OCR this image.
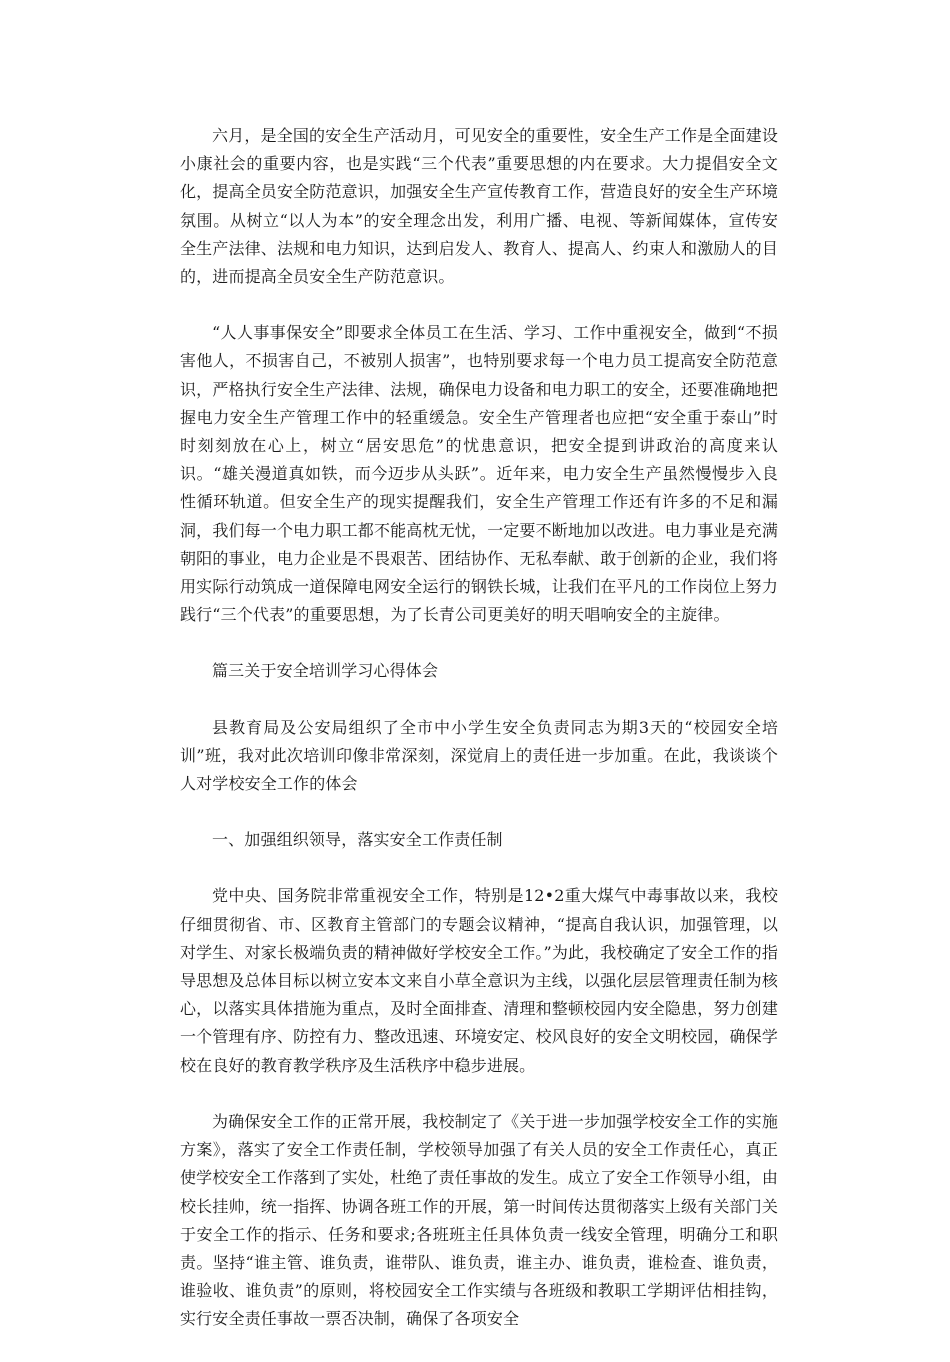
六月，是全国的安全生产活动月，可见安全的重要性，安全生产工作是全面建设小康社会的重要内容，也是实践“三个代表”重要思想的内在要求。大力提倡安全文化，提高全员安全防范意识，加强安全生产宣传教育工作，营造良好的安全生产环境氛围。从树立“以人为本”的安全理念出发，利用广播、电视、等新闻媒体，宣传安全生产法律、法规和电力知识，达到启发人、教育人、提高人、约束人和激励人的目的，进而提高全员安全生产防范意识。

“人人事事保安全”即要求全体员工在生活、学习、工作中重视安全，做到“不损害他人，不损害自己，不被别人损害”，也特别要求每一个电力员工提高安全防范意识，严格执行安全生产法律、法规，确保电力设备和电力职工的安全，还要准确地把握电力安全生产管理工作中的轻重缓急。安全生产管理者也应把“安全重于泰山”时时刻刻放在心上，树立“居安思危”的忧患意识，把安全提到讲政治的高度来认识。“雄关漫道真如铁，而今迈步从头跃”。近年来，电力安全生产虽然慢慢步入良性循环轨道。但安全生产的现实提醒我们，安全生产管理工作还有许多的不足和漏洞，我们每一个电力职工都不能高枕无忧，一定要不断地加以改进。电力事业是充满朝阳的事业，电力企业是不畏艰苦、团结协作、无私奉献、敢于创新的企业，我们将用实际行动筑成一道保障电网安全运行的钢铁长城，让我们在平凡的工作岗位上努力践行“三个代表”的重要思想，为了长青公司更美好的明天唱响安全的主旋律。

篇三关于安全培训学习心得体会

县教育局及公安局组织了全市中小学生安全负责同志为期3天的“校园安全培训”班，我对此次培训印像非常深刻，深觉肩上的责任进一步加重。在此，我谈谈个人对学校安全工作的体会

一、加强组织领导，落实安全工作责任制

党中央、国务院非常重视安全工作，特别是12•2重大煤气中毒事故以来，我校仔细贯彻省、市、区教育主管部门的专题会议精神，“提高自我认识，加强管理，以对学生、对家长极端负责的精神做好学校安全工作。”为此，我校确定了安全工作的指导思想及总体目标以树立安本文来自小草全意识为主线，以强化层层管理责任制为核心，以落实具体措施为重点，及时全面排查、清理和整顿校园内安全隐患，努力创建一个管理有序、防控有力、整改迅速、环境安定、校风良好的安全文明校园，确保学校在良好的教育教学秩序及生活秩序中稳步进展。

为确保安全工作的正常开展，我校制定了《关于进一步加强学校安全工作的实施方案》，落实了安全工作责任制，学校领导加强了有关人员的安全工作责任心，真正使学校安全工作落到了实处，杜绝了责任事故的发生。成立了安全工作领导小组，由校长挂帅，统一指挥、协调各班工作的开展，第一时间传达贯彻落实上级有关部门关于安全工作的指示、任务和要求;各班班主任具体负责一线安全管理，明确分工和职责。坚持“谁主管、谁负责，谁带队、谁负责，谁主办、谁负责，谁检查、谁负责，谁验收、谁负责”的原则，将校园安全工作实绩与各班级和教职工学期评估相挂钩，实行安全责任事故一票否决制，确保了各项安全
